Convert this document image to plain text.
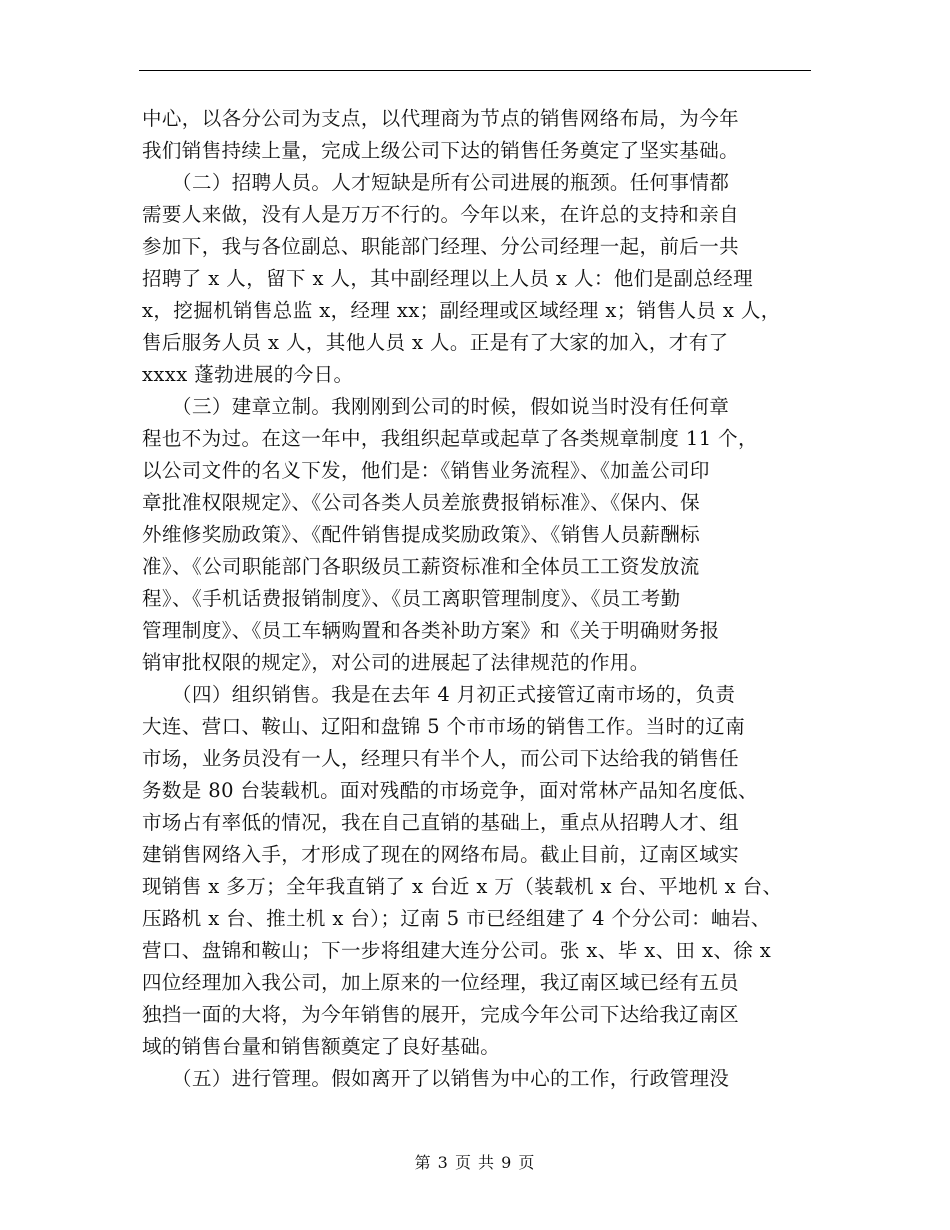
中心，以各分公司为支点，以代理商为节点的销售网络布局，为今年
我们销售持续上量，完成上级公司下达的销售任务奠定了坚实基础。
　　（二）招聘人员。人才短缺是所有公司进展的瓶颈。任何事情都
需要人来做，没有人是万万不行的。今年以来，在许总的支持和亲自
参加下，我与各位副总、职能部门经理、分公司经理一起，前后一共
招聘了 x 人，留下 x 人，其中副经理以上人员 x 人：他们是副总经理
x，挖掘机销售总监 x，经理 xx；副经理或区域经理 x；销售人员 x 人，
售后服务人员 x 人，其他人员 x 人。正是有了大家的加入，才有了
xxxx 蓬勃进展的今日。
　　（三）建章立制。我刚刚到公司的时候，假如说当时没有任何章
程也不为过。在这一年中，我组织起草或起草了各类规章制度 11 个，
以公司文件的名义下发，他们是：《销售业务流程》、《加盖公司印
章批准权限规定》、《公司各类人员差旅费报销标准》、《保内、保
外维修奖励政策》、《配件销售提成奖励政策》、《销售人员薪酬标
准》、《公司职能部门各职级员工薪资标准和全体员工工资发放流
程》、《手机话费报销制度》、《员工离职管理制度》、《员工考勤
管理制度》、《员工车辆购置和各类补助方案》和《关于明确财务报
销审批权限的规定》，对公司的进展起了法律规范的作用。
　　（四）组织销售。我是在去年 4 月初正式接管辽南市场的，负责
大连、营口、鞍山、辽阳和盘锦 5 个市市场的销售工作。当时的辽南
市场，业务员没有一人，经理只有半个人，而公司下达给我的销售任
务数是 80 台装载机。面对残酷的市场竞争，面对常林产品知名度低、
市场占有率低的情况，我在自己直销的基础上，重点从招聘人才、组
建销售网络入手，才形成了现在的网络布局。截止目前，辽南区域实
现销售 x 多万；全年我直销了 x 台近 x 万（装载机 x 台、平地机 x 台、
压路机 x 台、推土机 x 台）；辽南 5 市已经组建了 4 个分公司：岫岩、
营口、盘锦和鞍山；下一步将组建大连分公司。张 x、毕 x、田 x、徐 x
四位经理加入我公司，加上原来的一位经理，我辽南区域已经有五员
独挡一面的大将，为今年销售的展开，完成今年公司下达给我辽南区
域的销售台量和销售额奠定了良好基础。
　　（五）进行管理。假如离开了以销售为中心的工作，行政管理没
第 3 页 共 9 页
